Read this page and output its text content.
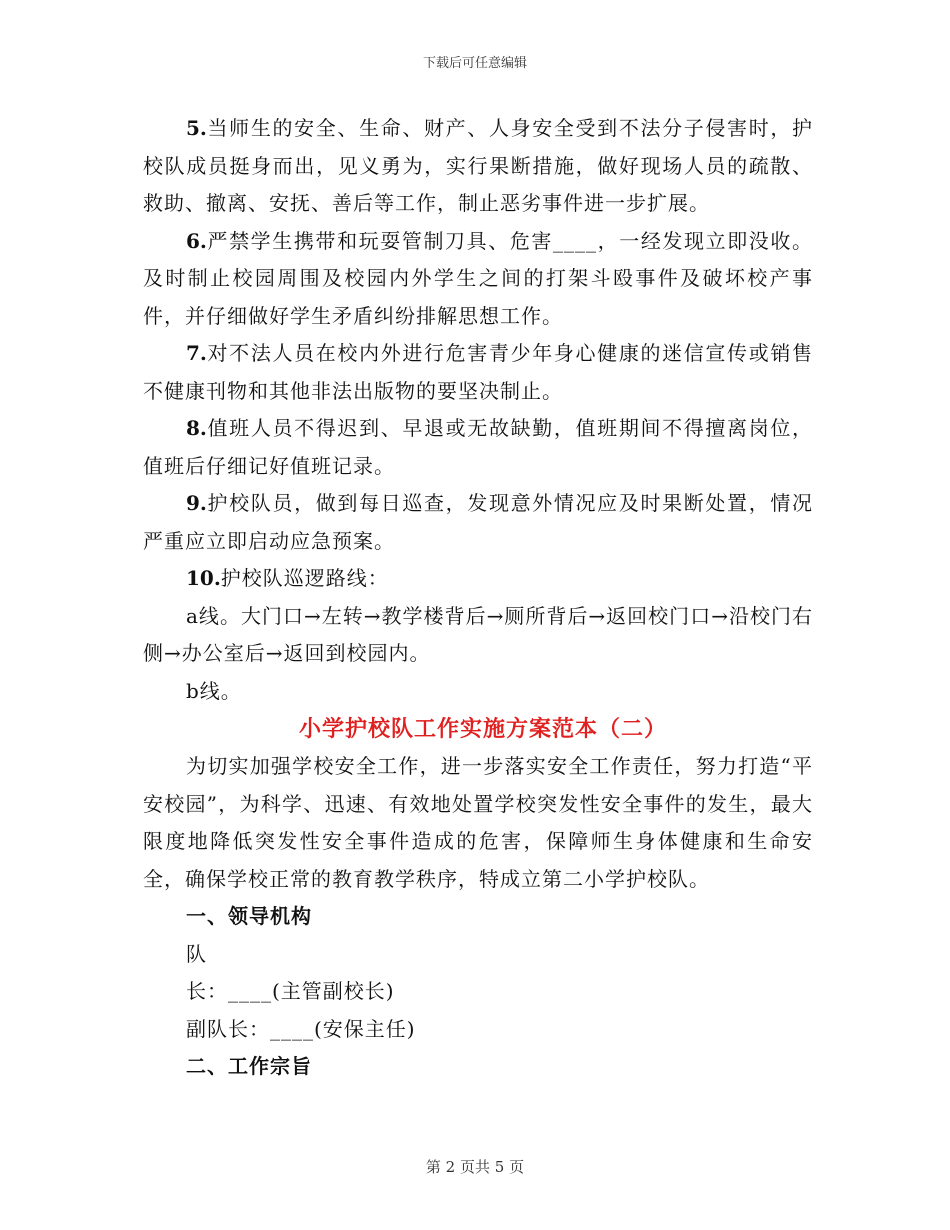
下载后可任意编辑

5.当师生的安全、生命、财产、人身安全受到不法分子侵害时，护校队成员挺身而出，见义勇为，实行果断措施，做好现场人员的疏散、救助、撤离、安抚、善后等工作，制止恶劣事件进一步扩展。

6.严禁学生携带和玩耍管制刀具、危害____，一经发现立即没收。及时制止校园周围及校园内外学生之间的打架斗殴事件及破坏校产事件，并仔细做好学生矛盾纠纷排解思想工作。

7.对不法人员在校内外进行危害青少年身心健康的迷信宣传或销售不健康刊物和其他非法出版物的要坚决制止。

8.值班人员不得迟到、早退或无故缺勤，值班期间不得擅离岗位，值班后仔细记好值班记录。

9.护校队员，做到每日巡查，发现意外情况应及时果断处置，情况严重应立即启动应急预案。

10.护校队巡逻路线：

a线。大门口→左转→教学楼背后→厕所背后→返回校门口→沿校门右侧→办公室后→返回到校园内。

b线。

小学护校队工作实施方案范本（二）

为切实加强学校安全工作，进一步落实安全工作责任，努力打造“平安校园”，为科学、迅速、有效地处置学校突发性安全事件的发生，最大限度地降低突发性安全事件造成的危害，保障师生身体健康和生命安全，确保学校正常的教育教学秩序，特成立第二小学护校队。

一、领导机构

队

长：____(主管副校长)

副队长：____(安保主任)

二、工作宗旨

第 2 页共 5 页
